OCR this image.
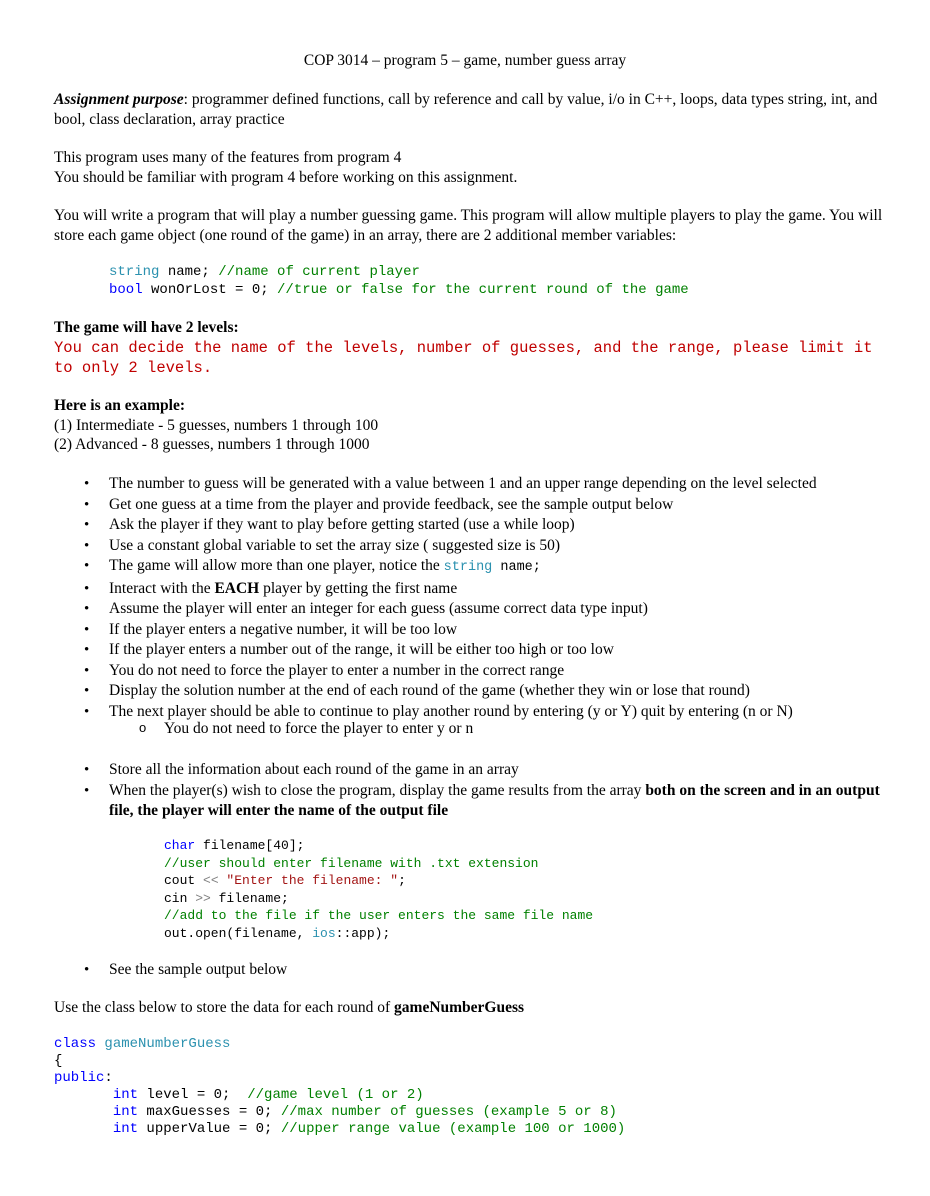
COP 3014 – program 5 – game, number guess array
Assignment purpose: programmer defined functions, call by reference and call by value, i/o in C++, loops, data types string, int, and bool, class declaration, array practice
This program uses many of the features from program 4
You should be familiar with program 4 before working on this assignment.
You will write a program that will play a number guessing game. This program will allow multiple players to play the game. You will store each game object (one round of the game) in an array, there are 2 additional member variables:
string name; //name of current player
bool wonOrLost = 0; //true or false for the current round of the game
The game will have 2 levels:
You can decide the name of the levels, number of guesses, and the range, please limit it to only 2 levels.
Here is an example:
(1) Intermediate - 5 guesses, numbers 1 through 100
(2) Advanced - 8 guesses, numbers 1 through 1000
• The number to guess will be generated with a value between 1 and an upper range depending on the level selected
• Get one guess at a time from the player and provide feedback, see the sample output below
• Ask the player if they want to play before getting started (use a while loop)
• Use a constant global variable to set the array size ( suggested size is 50)
• The game will allow more than one player, notice the string name;
• Interact with the EACH player by getting the first name
• Assume the player will enter an integer for each guess (assume correct data type input)
• If the player enters a negative number, it will be too low
• If the player enters a number out of the range, it will be either too high or too low
• You do not need to force the player to enter a number in the correct range
• Display the solution number at the end of each round of the game (whether they win or lose that round)
• The next player should be able to continue to play another round by entering (y or Y) quit by entering (n or N)
o You do not need to force the player to enter y or n
• Store all the information about each round of the game in an array
• When the player(s) wish to close the program, display the game results from the array both on the screen and in an output file, the player will enter the name of the output file
char filename[40];
//user should enter filename with .txt extension
cout << "Enter the filename: ";
cin >> filename;
//add to the file if the user enters the same file name
out.open(filename, ios::app);
• See the sample output below
Use the class below to store the data for each round of gameNumberGuess
class gameNumberGuess
{
public:
int level = 0;  //game level (1 or 2)
int maxGuesses = 0; //max number of guesses (example 5 or 8)
int upperValue = 0; //upper range value (example 100 or 1000)
